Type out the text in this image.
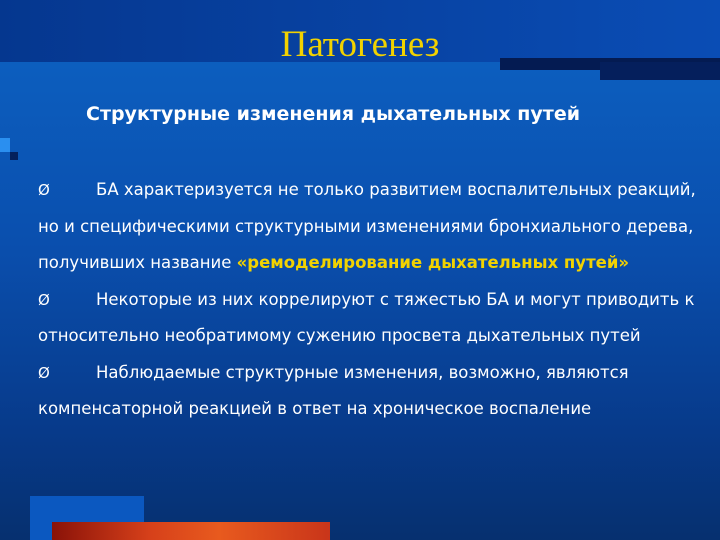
Патогенез
Структурные изменения дыхательных путей

Ø	БА характеризуется не только развитием воспалительных реакций, но и специфическими структурными изменениями бронхиального дерева, получивших название «ремоделирование дыхательных путей»

Ø	Некоторые из них коррелируют с тяжестью БА и могут приводить к относительно необратимому сужению просвета дыхательных путей

Ø	Наблюдаемые структурные изменения, возможно, являются компенсаторной реакцией в ответ на хроническое воспаление
